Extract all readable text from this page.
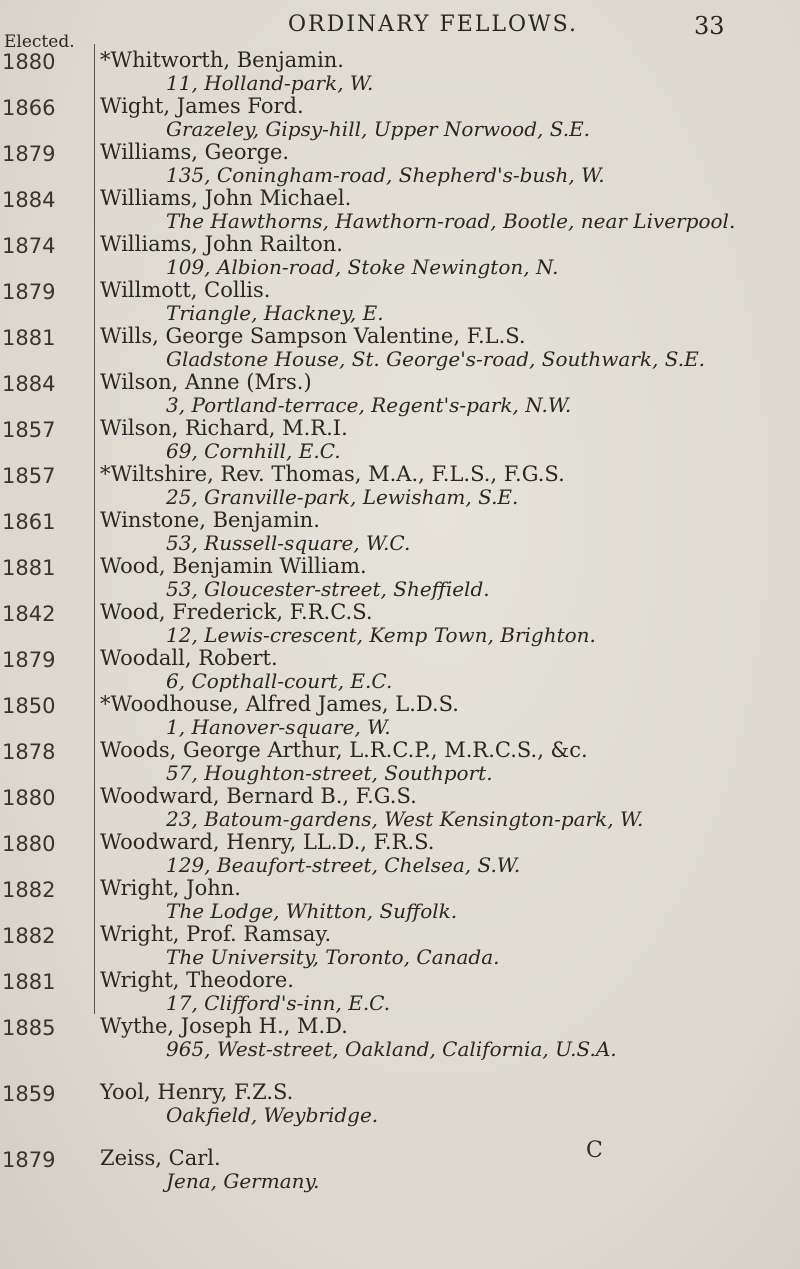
ORDINARY FELLOWS.	33
Elected.
1880 *Whitworth, Benjamin.
11, Holland-park, W.
1866 Wight, James Ford.
Grazeley, Gipsy-hill, Upper Norwood, S.E.
1879 Williams, George.
135, Coningham-road, Shepherd's-bush, W.
1884 Williams, John Michael.
The Hawthorns, Hawthorn-road, Bootle, near Liverpool.
1874 Williams, John Railton.
109, Albion-road, Stoke Newington, N.
1879 Willmott, Collis.
Triangle, Hackney, E.
1881 Wills, George Sampson Valentine, F.L.S.
Gladstone House, St. George's-road, Southwark, S.E.
1884 Wilson, Anne (Mrs.)
3, Portland-terrace, Regent's-park, N.W.
1857 Wilson, Richard, M.R.I.
69, Cornhill, E.C.
1857 *Wiltshire, Rev. Thomas, M.A., F.L.S., F.G.S.
25, Granville-park, Lewisham, S.E.
1861 Winstone, Benjamin.
53, Russell-square, W.C.
1881 Wood, Benjamin William.
53, Gloucester-street, Sheffield.
1842 Wood, Frederick, F.R.C.S.
12, Lewis-crescent, Kemp Town, Brighton.
1879 Woodall, Robert.
6, Copthall-court, E.C.
1850 *Woodhouse, Alfred James, L.D.S.
1, Hanover-square, W.
1878 Woods, George Arthur, L.R.C.P., M.R.C.S., &c.
57, Houghton-street, Southport.
1880 Woodward, Bernard B., F.G.S.
23, Batoum-gardens, West Kensington-park, W.
1880 Woodward, Henry, LL.D., F.R.S.
129, Beaufort-street, Chelsea, S.W.
1882 Wright, John.
The Lodge, Whitton, Suffolk.
1882 Wright, Prof. Ramsay.
The University, Toronto, Canada.
1881 Wright, Theodore.
17, Clifford's-inn, E.C.
1885 Wythe, Joseph H., M.D.
965, West-street, Oakland, California, U.S.A.
1859 Yool, Henry, F.Z.S.
Oakfield, Weybridge.
1879 Zeiss, Carl.
Jena, Germany.
C
